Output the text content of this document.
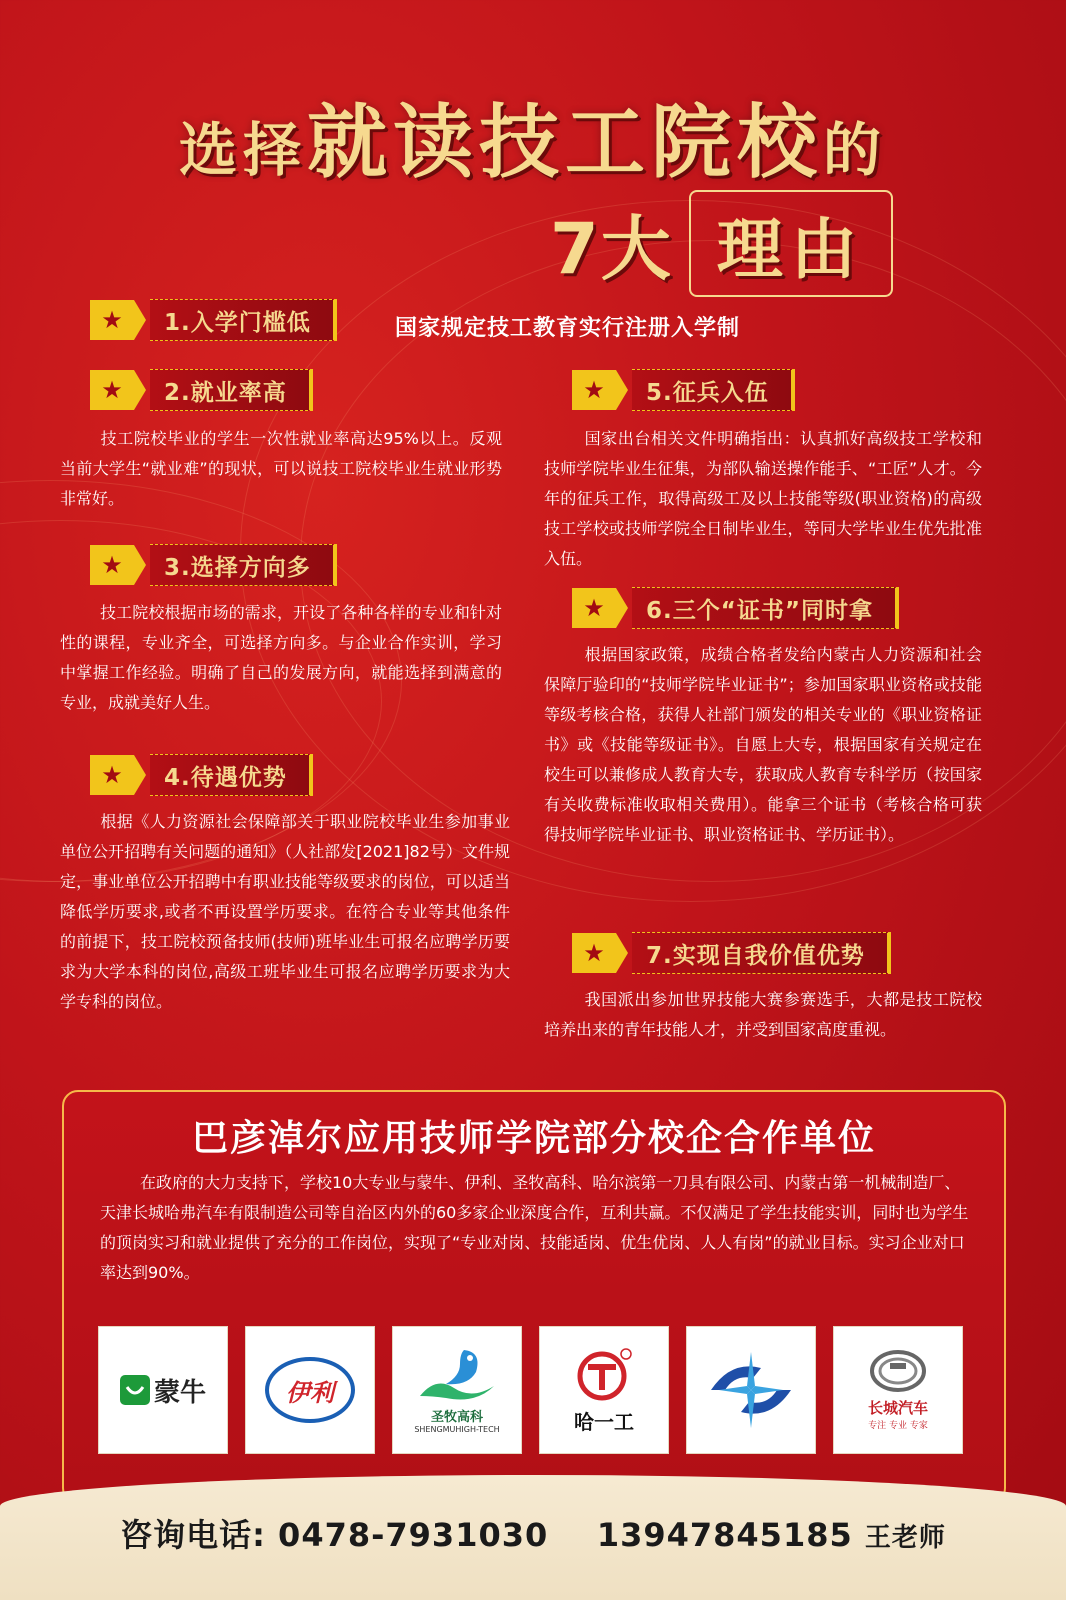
选择就读技工院校的
7大 理由
★	1.入学门槛低	国家规定技工教育实行注册入学制
★	2.就业率高
技工院校毕业的学生一次性就业率高达95%以上。反观当前大学生“就业难”的现状，可以说技工院校毕业生就业形势非常好。
★	3.选择方向多
技工院校根据市场的需求，开设了各种各样的专业和针对性的课程，专业齐全，可选择方向多。与企业合作实训，学习中掌握工作经验。明确了自己的发展方向，就能选择到满意的专业，成就美好人生。
★	4.待遇优势
根据《人力资源社会保障部关于职业院校毕业生参加事业单位公开招聘有关问题的通知》（人社部发[2021]82号）文件规定，事业单位公开招聘中有职业技能等级要求的岗位，可以适当降低学历要求,或者不再设置学历要求。在符合专业等其他条件的前提下，技工院校预备技师(技师)班毕业生可报名应聘学历要求为大学本科的岗位,高级工班毕业生可报名应聘学历要求为大学专科的岗位。
★	5.征兵入伍
国家出台相关文件明确指出：认真抓好高级技工学校和技师学院毕业生征集，为部队输送操作能手、“工匠”人才。今年的征兵工作，取得高级工及以上技能等级(职业资格)的高级技工学校或技师学院全日制毕业生，等同大学毕业生优先批准入伍。
★	6.三个“证书”同时拿
根据国家政策，成绩合格者发给内蒙古人力资源和社会保障厅验印的“技师学院毕业证书”；参加国家职业资格或技能等级考核合格，获得人社部门颁发的相关专业的《职业资格证书》或《技能等级证书》。自愿上大专，根据国家有关规定在校生可以兼修成人教育大专，获取成人教育专科学历（按国家有关收费标准收取相关费用）。能拿三个证书（考核合格可获得技师学院毕业证书、职业资格证书、学历证书）。
★	7.实现自我价值优势
我国派出参加世界技能大赛参赛选手，大都是技工院校培养出来的青年技能人才，并受到国家高度重视。
巴彦淖尔应用技师学院部分校企合作单位
在政府的大力支持下，学校10大专业与蒙牛、伊利、圣牧高科、哈尔滨第一刀具有限公司、内蒙古第一机械制造厂、天津长城哈弗汽车有限制造公司等自治区内外的60多家企业深度合作，互利共赢。不仅满足了学生技能实训，同时也为学生的顶岗实习和就业提供了充分的工作岗位，实现了“专业对岗、技能适岗、优生优岗、人人有岗”的就业目标。实习企业对口率达到90%。
蒙牛	伊利
圣牧高科
SHENGMUHIGH-TECH	哈一工
长城汽车
专注 专业 专家
咨询电话: 0478-7931030 13947845185 王老师
